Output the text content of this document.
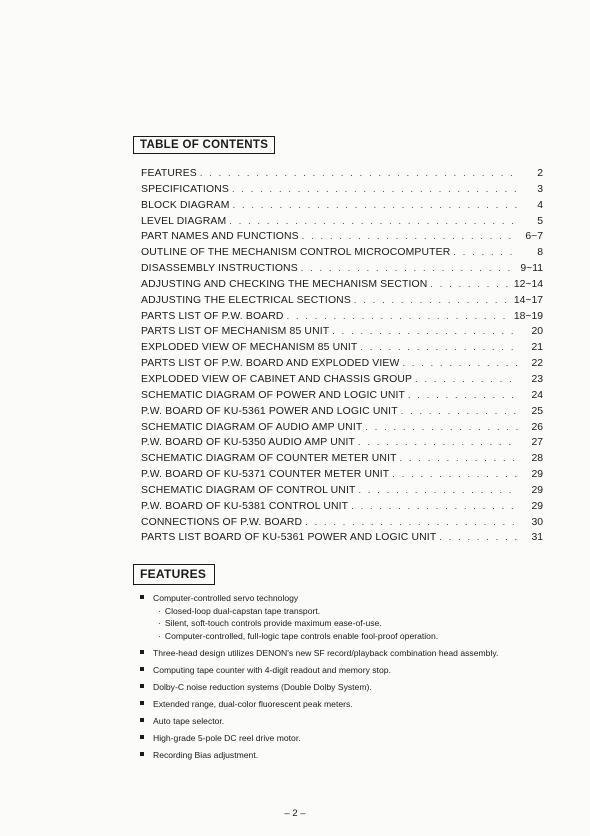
TABLE OF CONTENTS
FEATURES . . .	2
SPECIFICATIONS . . .	3
BLOCK DIAGRAM . . .	4
LEVEL DIAGRAM . . .	5
PART NAMES AND FUNCTIONS . . .	6~7
OUTLINE OF THE MECHANISM CONTROL MICROCOMPUTER . . .	8
DISASSEMBLY INSTRUCTIONS . . .	9~11
ADJUSTING AND CHECKING THE MECHANISM SECTION . . .	12~14
ADJUSTING THE ELECTRICAL SECTIONS . . .	14~17
PARTS LIST OF P.W. BOARD . . .	18~19
PARTS LIST OF MECHANISM 85 UNIT . . .	20
EXPLODED VIEW OF MECHANISM 85 UNIT . . .	21
PARTS LIST OF P.W. BOARD AND EXPLODED VIEW . . .	22
EXPLODED VIEW OF CABINET AND CHASSIS GROUP . . .	23
SCHEMATIC DIAGRAM OF POWER AND LOGIC UNIT . . .	24
P.W. BOARD OF KU-5361 POWER AND LOGIC UNIT . . .	25
SCHEMATIC DIAGRAM OF AUDIO AMP UNIT . . .	26
P.W. BOARD OF KU-5350 AUDIO AMP UNIT . . .	27
SCHEMATIC DIAGRAM OF COUNTER METER UNIT . . .	28
P.W. BOARD OF KU-5371 COUNTER METER UNIT . . .	29
SCHEMATIC DIAGRAM OF CONTROL UNIT . . .	29
P.W. BOARD OF KU-5381 CONTROL UNIT . . .	29
CONNECTIONS OF P.W. BOARD . . .	30
PARTS LIST BOARD OF KU-5361 POWER AND LOGIC UNIT . . .	31
FEATURES
Computer-controlled servo technology
· Closed-loop dual-capstan tape transport.
· Silent, soft-touch controls provide maximum ease-of-use.
· Computer-controlled, full-logic tape controls enable fool-proof operation.
Three-head design utilizes DENON's new SF record/playback combination head assembly.
Computing tape counter with 4-digit readout and memory stop.
Dolby-C noise reduction systems (Double Dolby System).
Extended range, dual-color fluorescent peak meters.
Auto tape selector.
High-grade 5-pole DC reel drive motor.
Recording Bias adjustment.
– 2 –
